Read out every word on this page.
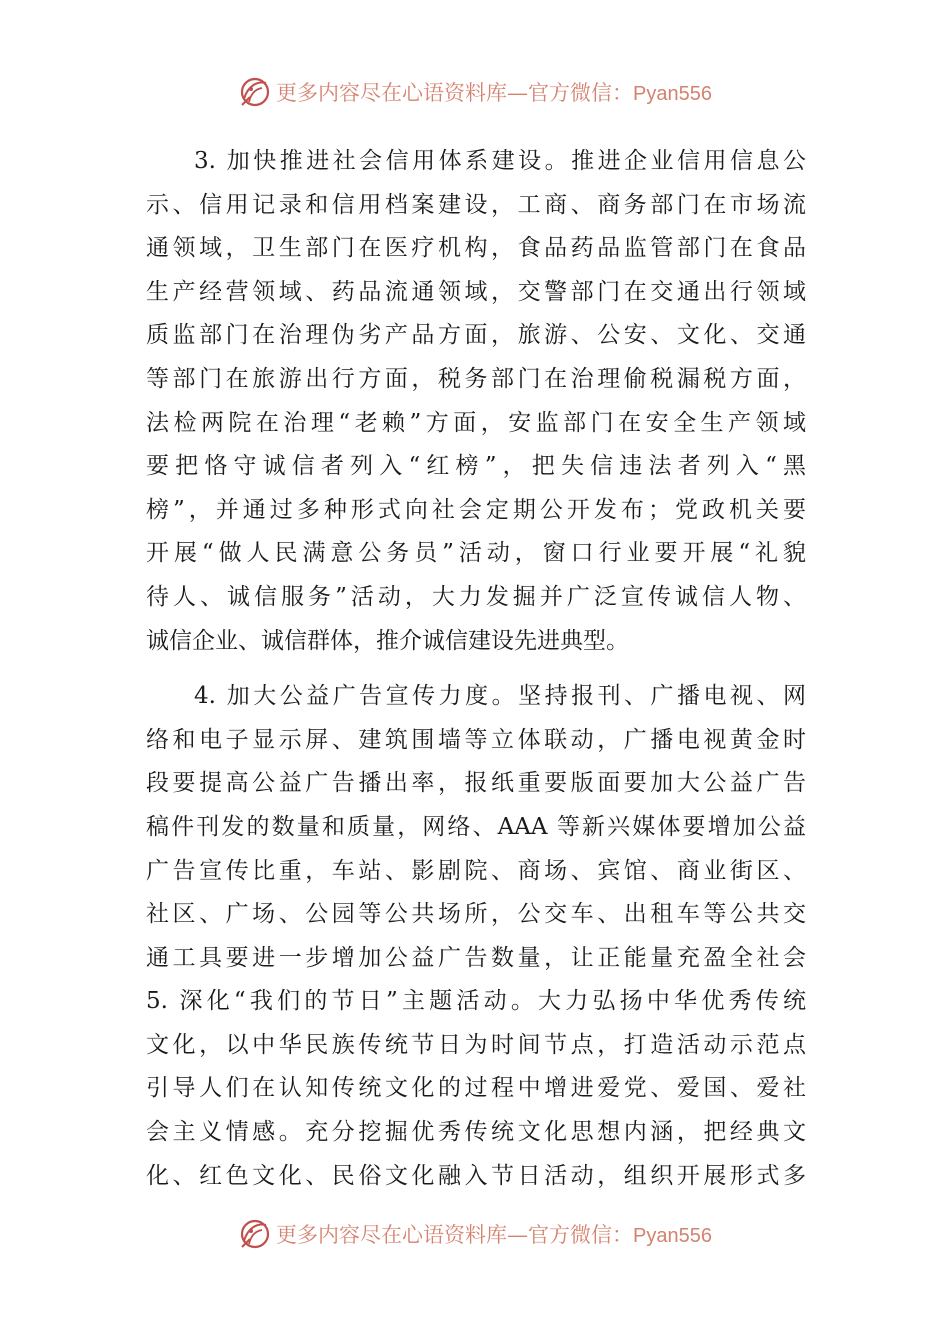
更多内容尽在心语资料库—官方微信：Pyan556
3. 加快推进社会信用体系建设。推进企业信用信息公
示、信用记录和信用档案建设，工商、商务部门在市场流
通领域，卫生部门在医疗机构，食品药品监管部门在食品
生产经营领域、药品流通领域，交警部门在交通出行领域
质监部门在治理伪劣产品方面，旅游、公安、文化、交通
等部门在旅游出行方面，税务部门在治理偷税漏税方面，
法检两院在治理“老赖”方面，安监部门在安全生产领域
要把恪守诚信者列入“红榜”，把失信违法者列入“黑
榜”，并通过多种形式向社会定期公开发布；党政机关要
开展“做人民满意公务员”活动，窗口行业要开展“礼貌
待人、诚信服务”活动，大力发掘并广泛宣传诚信人物、
诚信企业、诚信群体，推介诚信建设先进典型。
4. 加大公益广告宣传力度。坚持报刊、广播电视、网
络和电子显示屏、建筑围墙等立体联动，广播电视黄金时
段要提高公益广告播出率，报纸重要版面要加大公益广告
稿件刊发的数量和质量，网络、AAA 等新兴媒体要增加公益
广告宣传比重，车站、影剧院、商场、宾馆、商业街区、
社区、广场、公园等公共场所，公交车、出租车等公共交
通工具要进一步增加公益广告数量，让正能量充盈全社会
5. 深化“我们的节日”主题活动。大力弘扬中华优秀传统
文化，以中华民族传统节日为时间节点，打造活动示范点
引导人们在认知传统文化的过程中增进爱党、爱国、爱社
会主义情感。充分挖掘优秀传统文化思想内涵，把经典文
化、红色文化、民俗文化融入节日活动，组织开展形式多
更多内容尽在心语资料库—官方微信：Pyan556
